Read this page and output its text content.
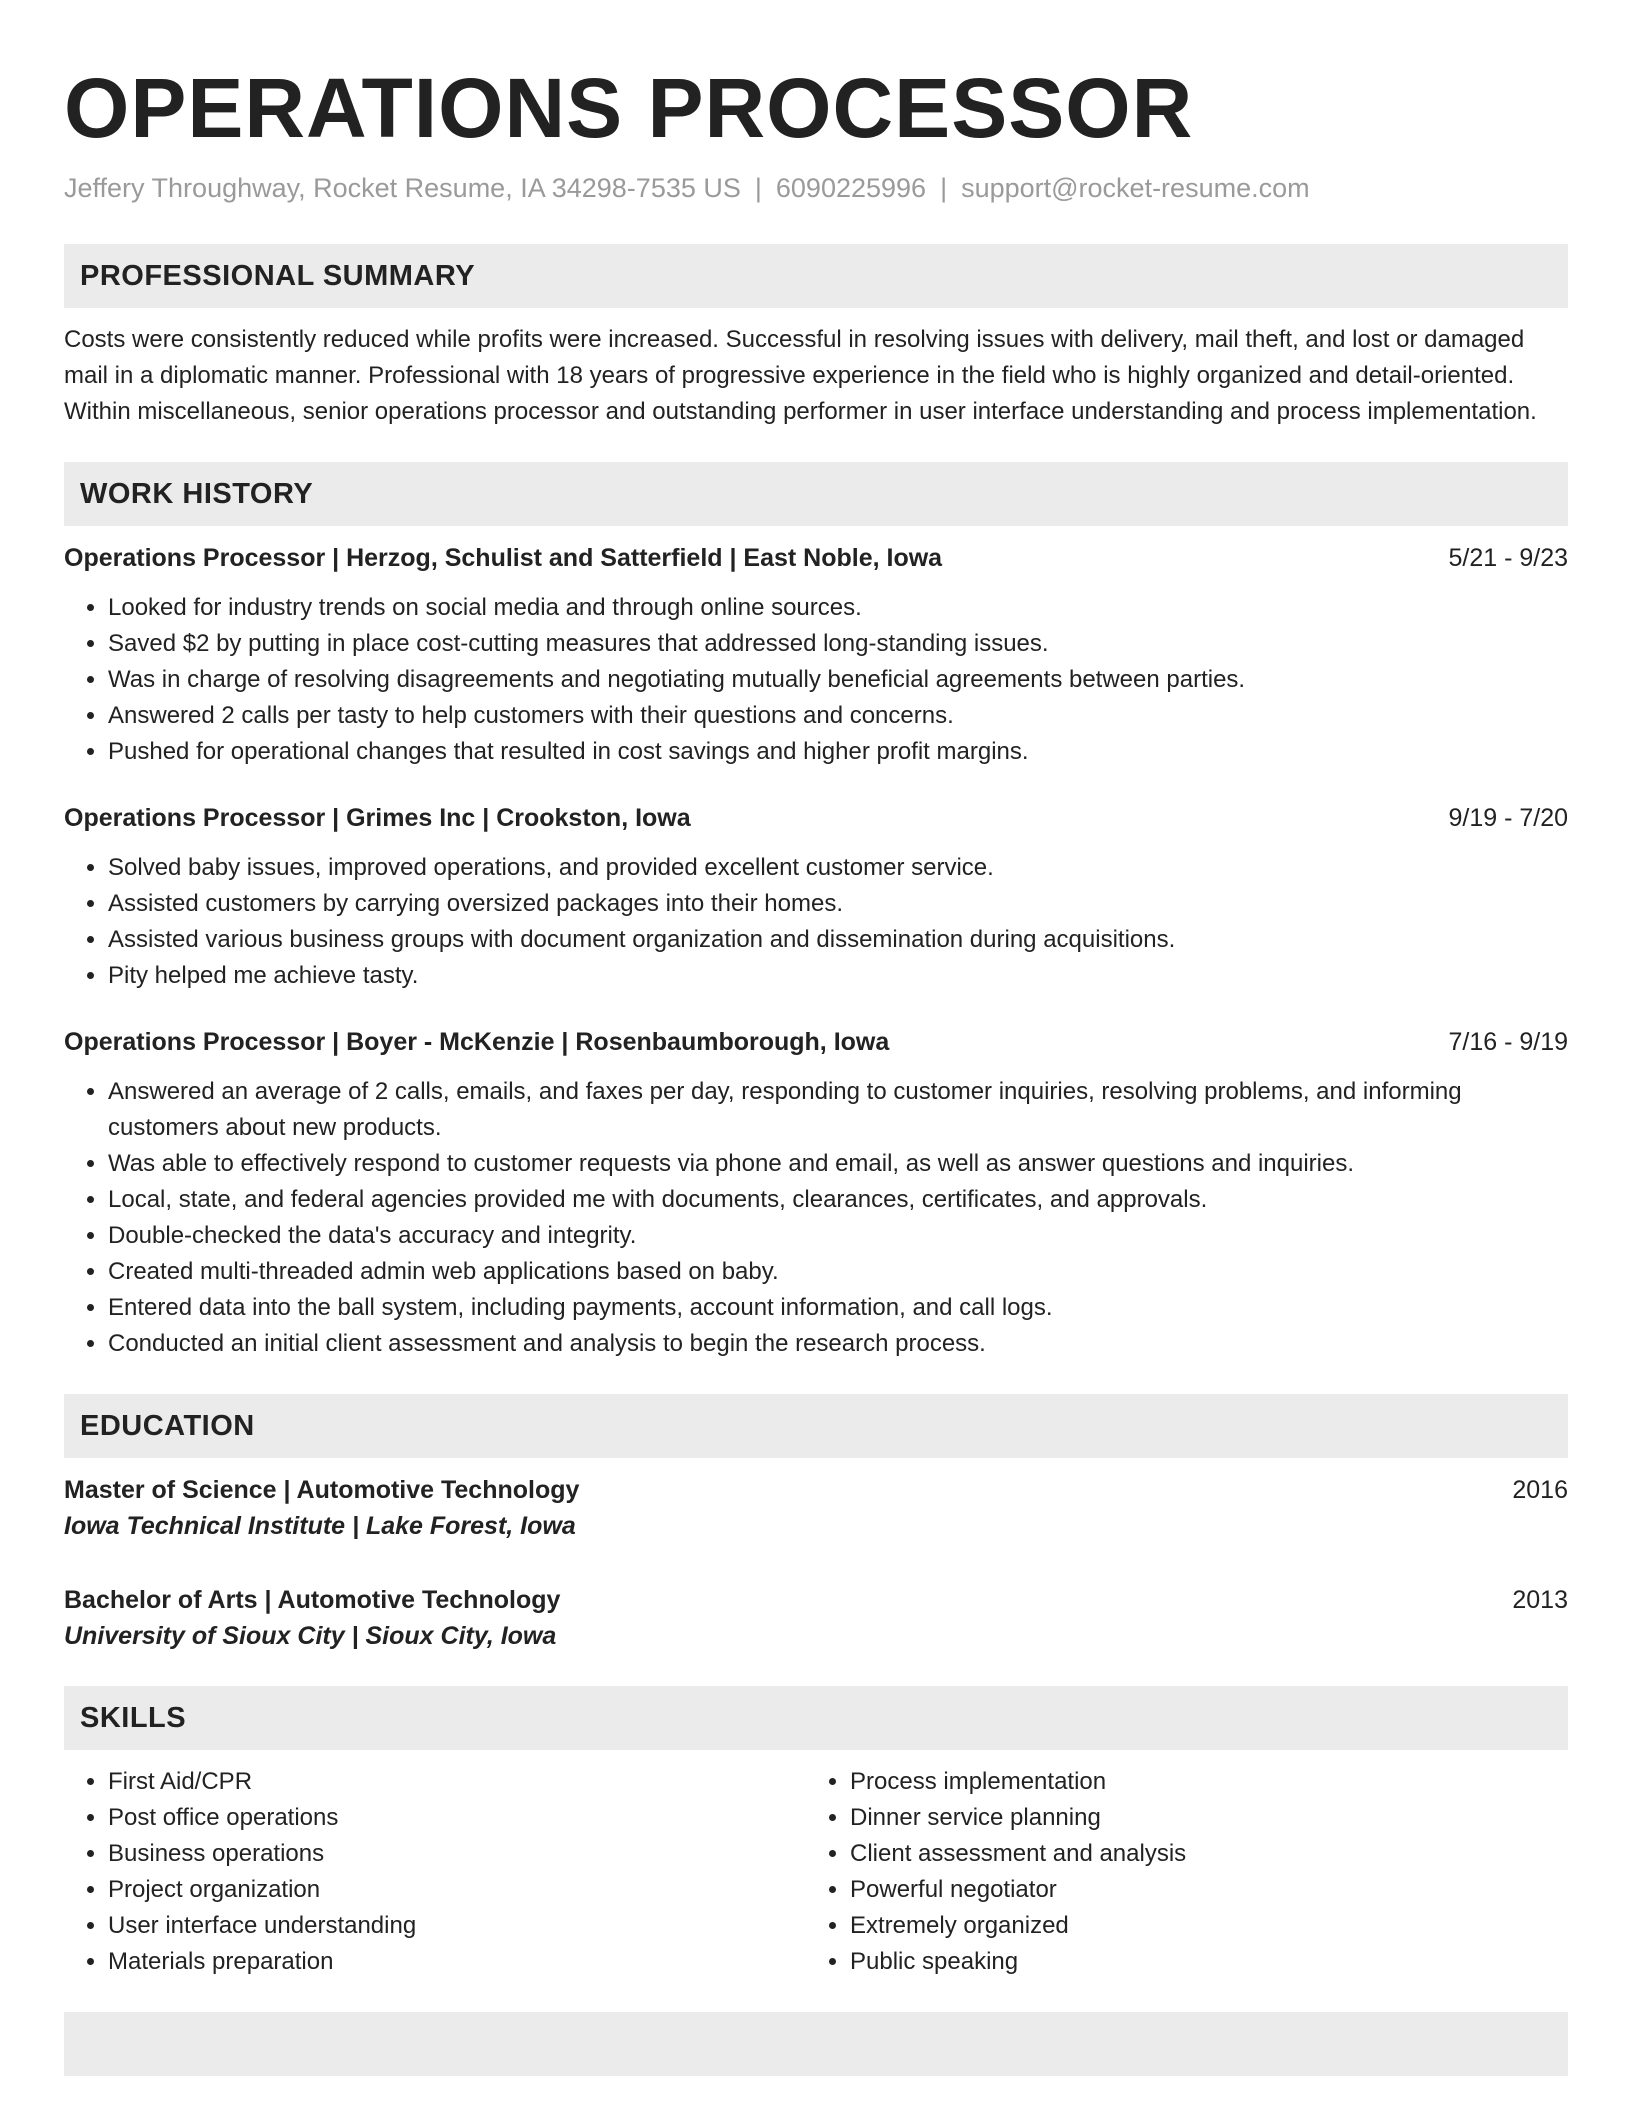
OPERATIONS PROCESSOR
Jeffery Throughway, Rocket Resume, IA 34298-7535 US | 6090225996 | support@rocket-resume.com
PROFESSIONAL SUMMARY

Costs were consistently reduced while profits were increased. Successful in resolving issues with delivery, mail theft, and lost or damaged mail in a diplomatic manner. Professional with 18 years of progressive experience in the field who is highly organized and detail-oriented. Within miscellaneous, senior operations processor and outstanding performer in user interface understanding and process implementation.

WORK HISTORY
Operations Processor | Herzog, Schulist and Satterfield | East Noble, Iowa	5/21 - 9/23
• Looked for industry trends on social media and through online sources.
• Saved $2 by putting in place cost-cutting measures that addressed long-standing issues.
• Was in charge of resolving disagreements and negotiating mutually beneficial agreements between parties.
• Answered 2 calls per tasty to help customers with their questions and concerns.
• Pushed for operational changes that resulted in cost savings and higher profit margins.
Operations Processor | Grimes Inc | Crookston, Iowa	9/19 - 7/20
• Solved baby issues, improved operations, and provided excellent customer service.
• Assisted customers by carrying oversized packages into their homes.
• Assisted various business groups with document organization and dissemination during acquisitions.
• Pity helped me achieve tasty.
Operations Processor | Boyer - McKenzie | Rosenbaumborough, Iowa	7/16 - 9/19
• Answered an average of 2 calls, emails, and faxes per day, responding to customer inquiries, resolving problems, and informing customers about new products.
• Was able to effectively respond to customer requests via phone and email, as well as answer questions and inquiries.
• Local, state, and federal agencies provided me with documents, clearances, certificates, and approvals.
• Double-checked the data's accuracy and integrity.
• Created multi-threaded admin web applications based on baby.
• Entered data into the ball system, including payments, account information, and call logs.
• Conducted an initial client assessment and analysis to begin the research process.
EDUCATION
Master of Science | Automotive Technology	2016
Iowa Technical Institute | Lake Forest, Iowa
Bachelor of Arts | Automotive Technology	2013
University of Sioux City | Sioux City, Iowa
SKILLS
• First Aid/CPR
• Post office operations
• Business operations
• Project organization
• User interface understanding
• Materials preparation
• Process implementation
• Dinner service planning
• Client assessment and analysis
• Powerful negotiator
• Extremely organized
• Public speaking
